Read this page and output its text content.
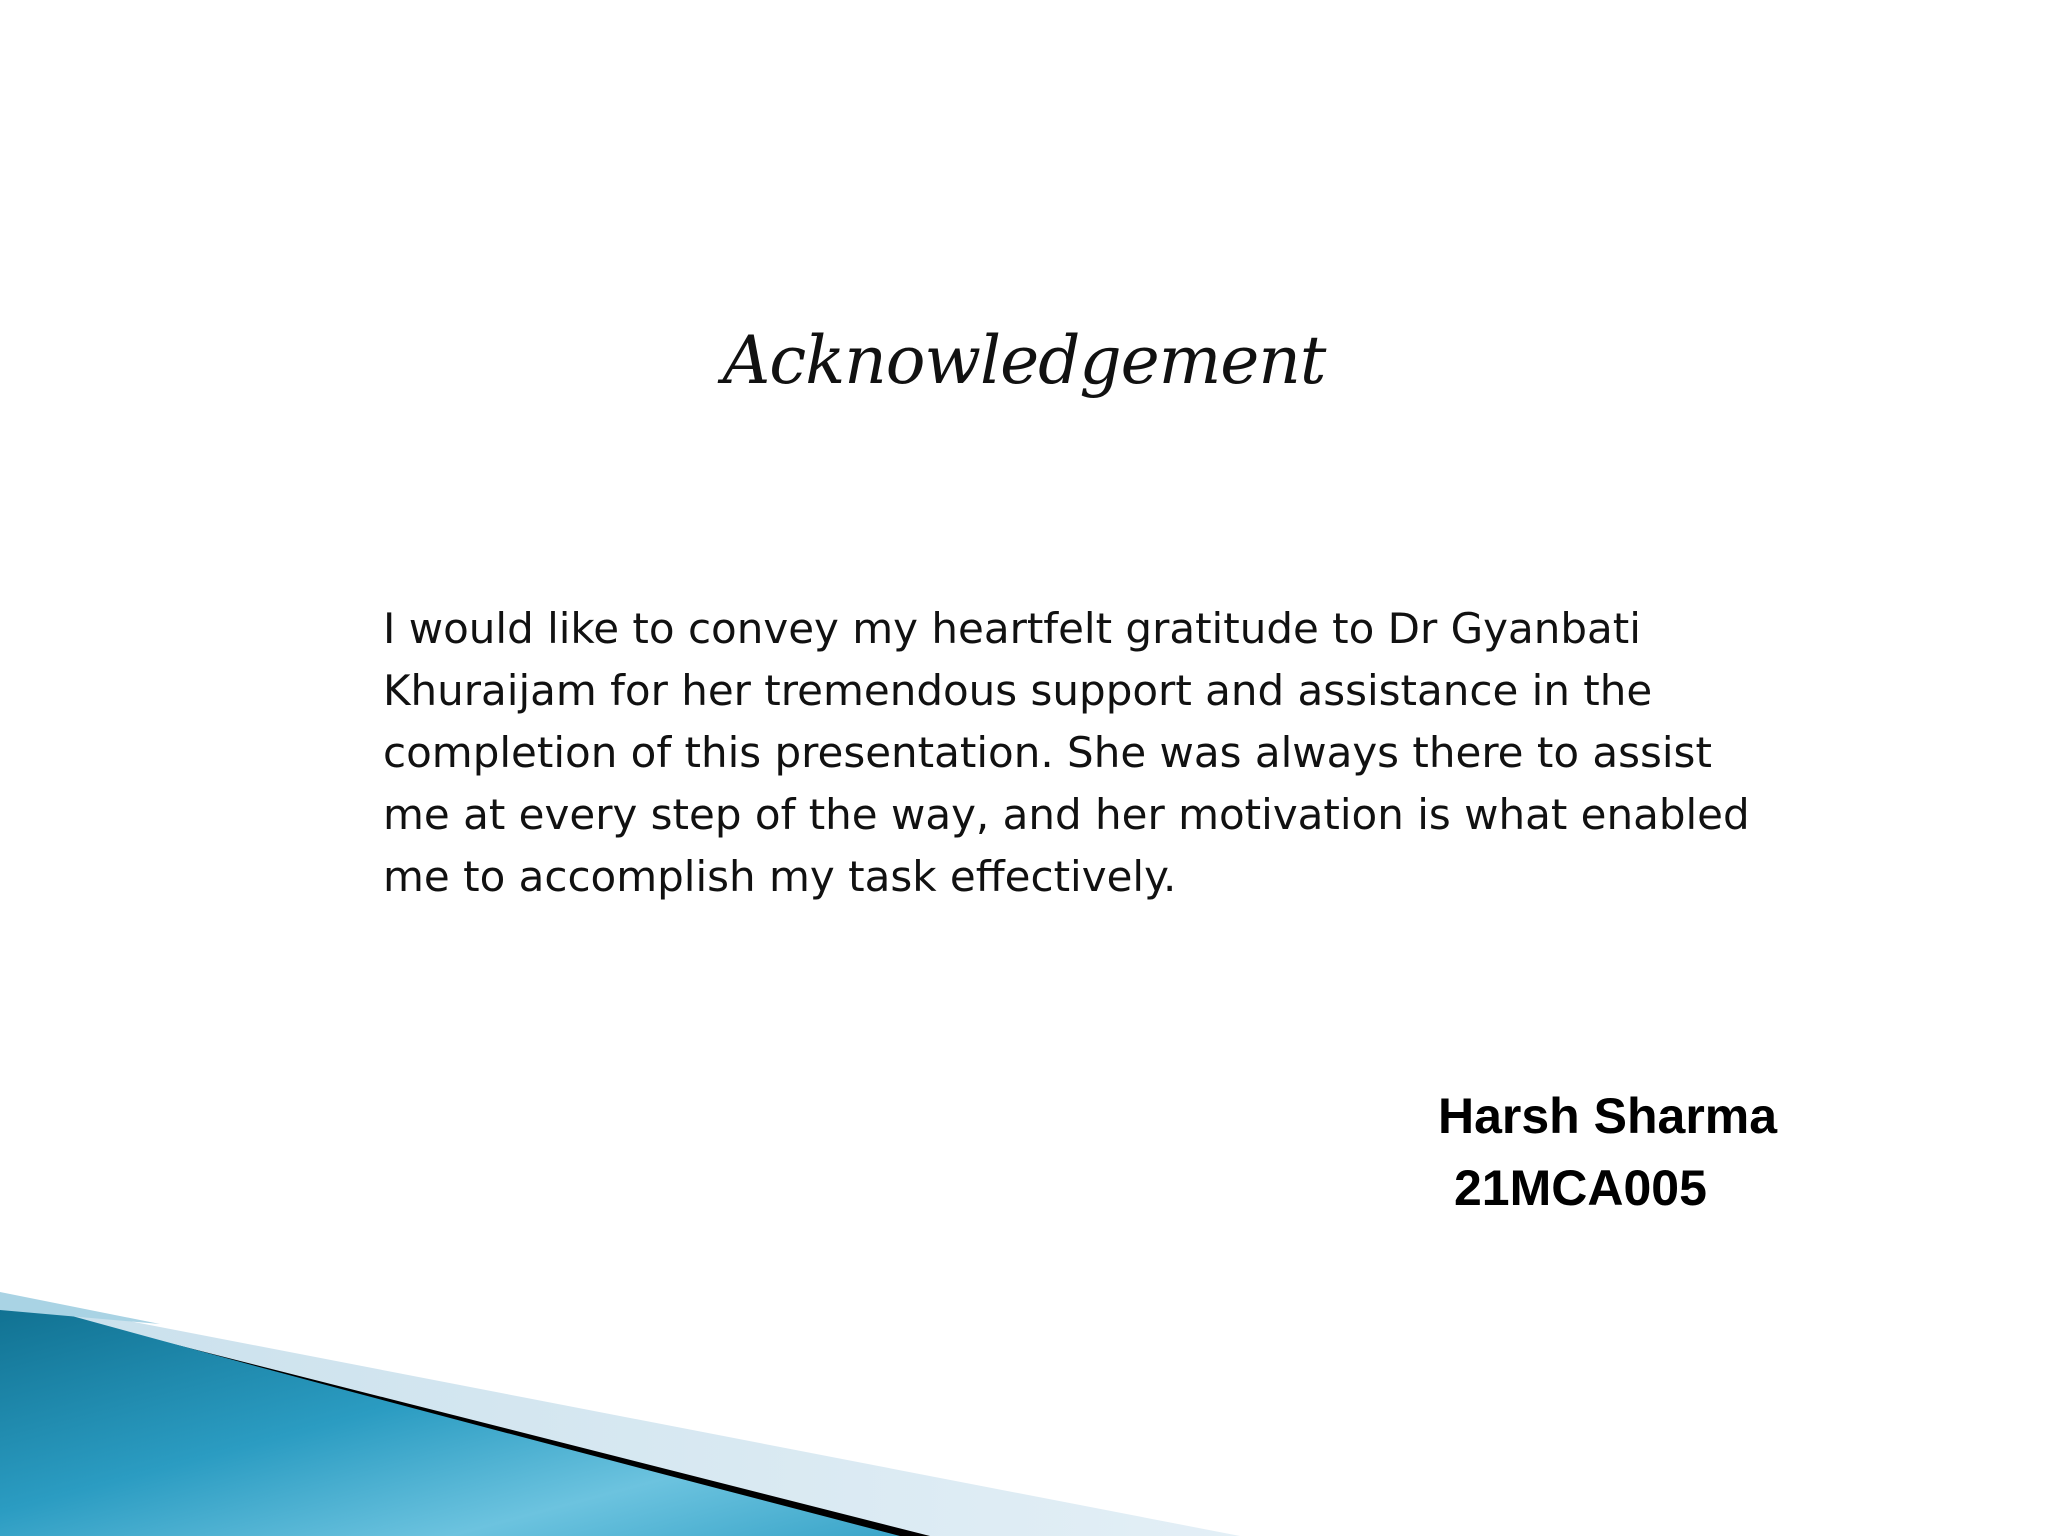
Acknowledgement
I would like to convey my heartfelt gratitude to Dr Gyanbati
Khuraijam for her tremendous support and assistance in the
completion of this presentation. She was always there to assist
me at every step of the way, and her motivation is what enabled
me to accomplish my task effectively.
Harsh Sharma
21MCA005
